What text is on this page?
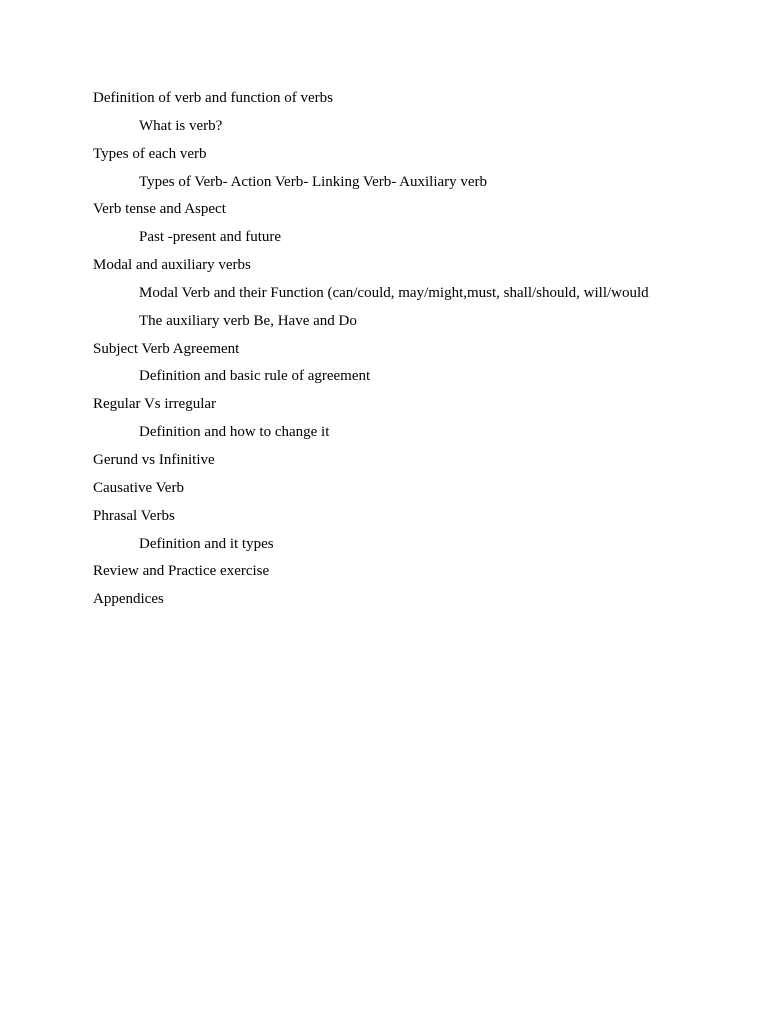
Definition of verb and function of verbs
What is verb?
Types of each verb
Types of Verb- Action Verb- Linking Verb- Auxiliary verb
Verb tense and Aspect
Past -present and future
Modal and auxiliary verbs
Modal Verb and their Function (can/could, may/might,must, shall/should, will/would
The auxiliary verb Be, Have and Do
Subject Verb Agreement
Definition and basic rule of agreement
Regular Vs irregular
Definition and how to change it
Gerund vs Infinitive
Causative Verb
Phrasal Verbs
Definition and it types
Review and Practice exercise
Appendices
